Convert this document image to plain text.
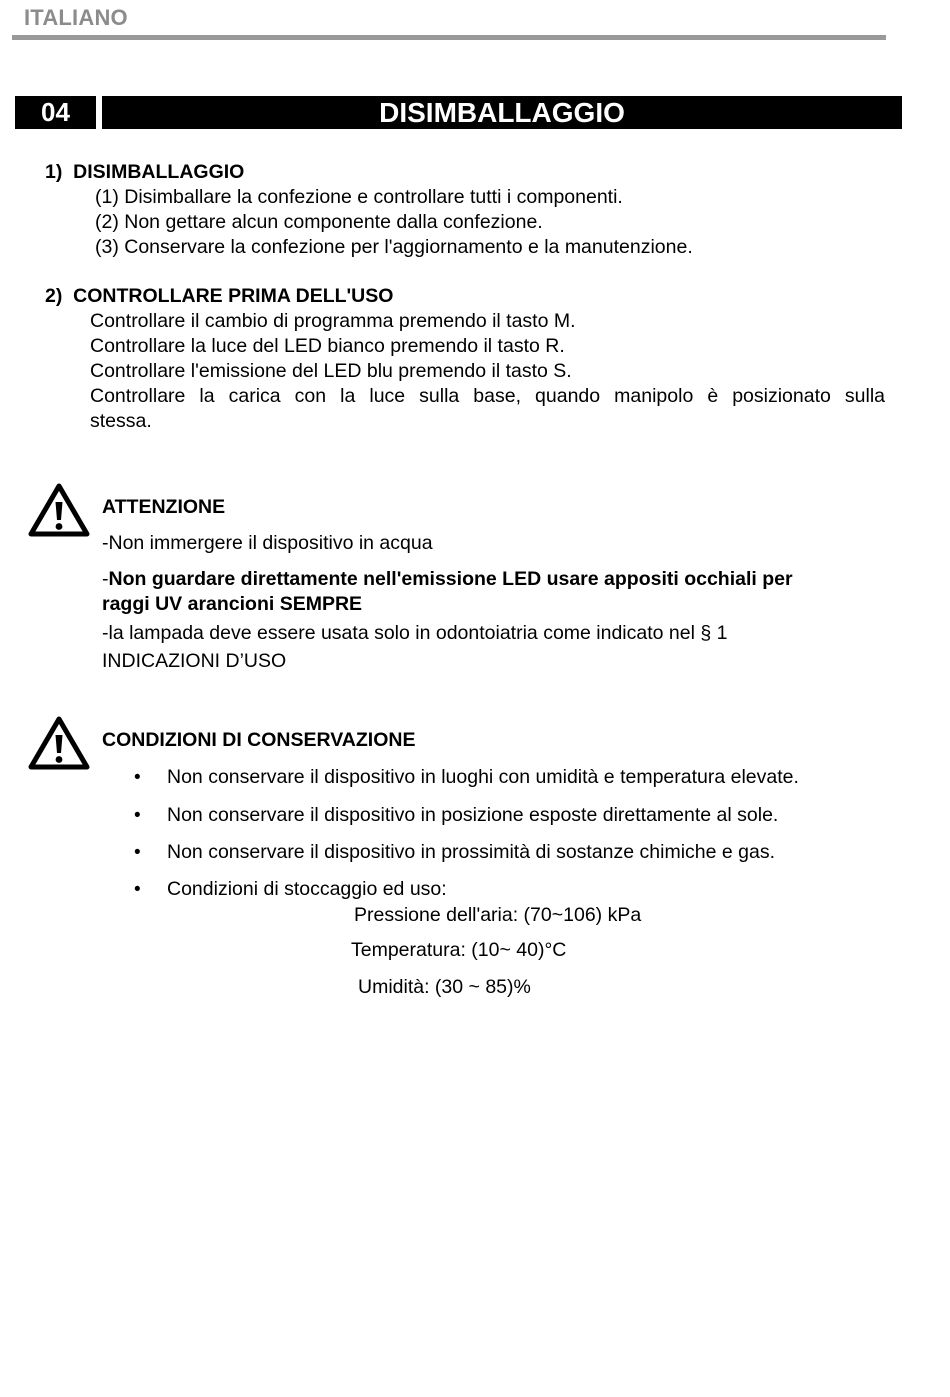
ITALIANO
04	DISIMBALLAGGIO
1)  DISIMBALLAGGIO
(1) Disimballare la confezione e controllare tutti i componenti.
(2) Non gettare alcun componente dalla confezione.
(3) Conservare la confezione per l'aggiornamento e la manutenzione.
2)  CONTROLLARE PRIMA DELL'USO
Controllare il cambio di programma premendo il tasto M.
Controllare la luce del LED bianco premendo il tasto R.
Controllare l'emissione del LED blu premendo il tasto S.
Controllare la carica con la luce sulla base, quando manipolo è posizionato sulla
stessa.
ATTENZIONE
-Non immergere il dispositivo in acqua
-Non guardare direttamente nell'emissione LED usare appositi occhiali per
raggi UV arancioni SEMPRE
-la lampada deve essere usata solo in odontoiatria come indicato nel § 1
INDICAZIONI D’USO
CONDIZIONI DI CONSERVAZIONE
• Non conservare il dispositivo in luoghi con umidità e temperatura elevate.
• Non conservare il dispositivo in posizione esposte direttamente al sole.
• Non conservare il dispositivo in prossimità di sostanze chimiche e gas.
• Condizioni di stoccaggio ed uso:
Pressione dell'aria: (70~106) kPa
Temperatura: (10~ 40)°C
Umidità: (30 ~ 85)%
